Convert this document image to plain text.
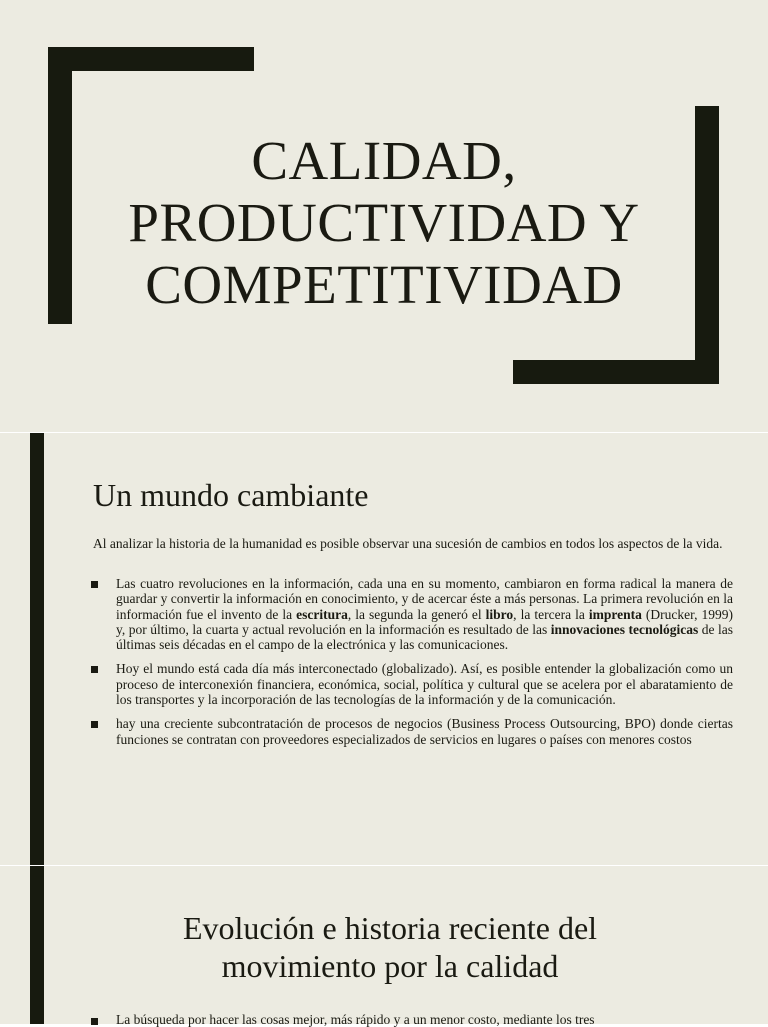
CALIDAD,
PRODUCTIVIDAD Y
COMPETITIVIDAD
Un mundo cambiante
Al analizar la historia de la humanidad es posible observar una sucesión de cambios en todos los aspectos de la vida.
Las cuatro revoluciones en la información, cada una en su momento, cambiaron en forma radical la manera de guardar y convertir la información en conocimiento, y de acercar éste a más personas. La primera revolución en la información fue el invento de la escritura, la segunda la generó el libro, la tercera la imprenta (Drucker, 1999) y, por último, la cuarta y actual revolución en la información es resultado de las innovaciones tecnológicas de las últimas seis décadas en el campo de la electrónica y las comunicaciones.
Hoy el mundo está cada día más interconectado (globalizado). Así, es posible entender la globalización como un proceso de interconexión financiera, económica, social, política y cultural que se acelera por el abaratamiento de los transportes y la incorporación de las tecnologías de la información y de la comunicación.
hay una creciente subcontratación de procesos de negocios (Business Process Outsourcing, BPO) donde ciertas funciones se contratan con proveedores especializados de servicios en lugares o países con menores costos
Evolución e historia reciente del
movimiento por la calidad
La búsqueda por hacer las cosas mejor, más rápido y a un menor costo, mediante los tres
